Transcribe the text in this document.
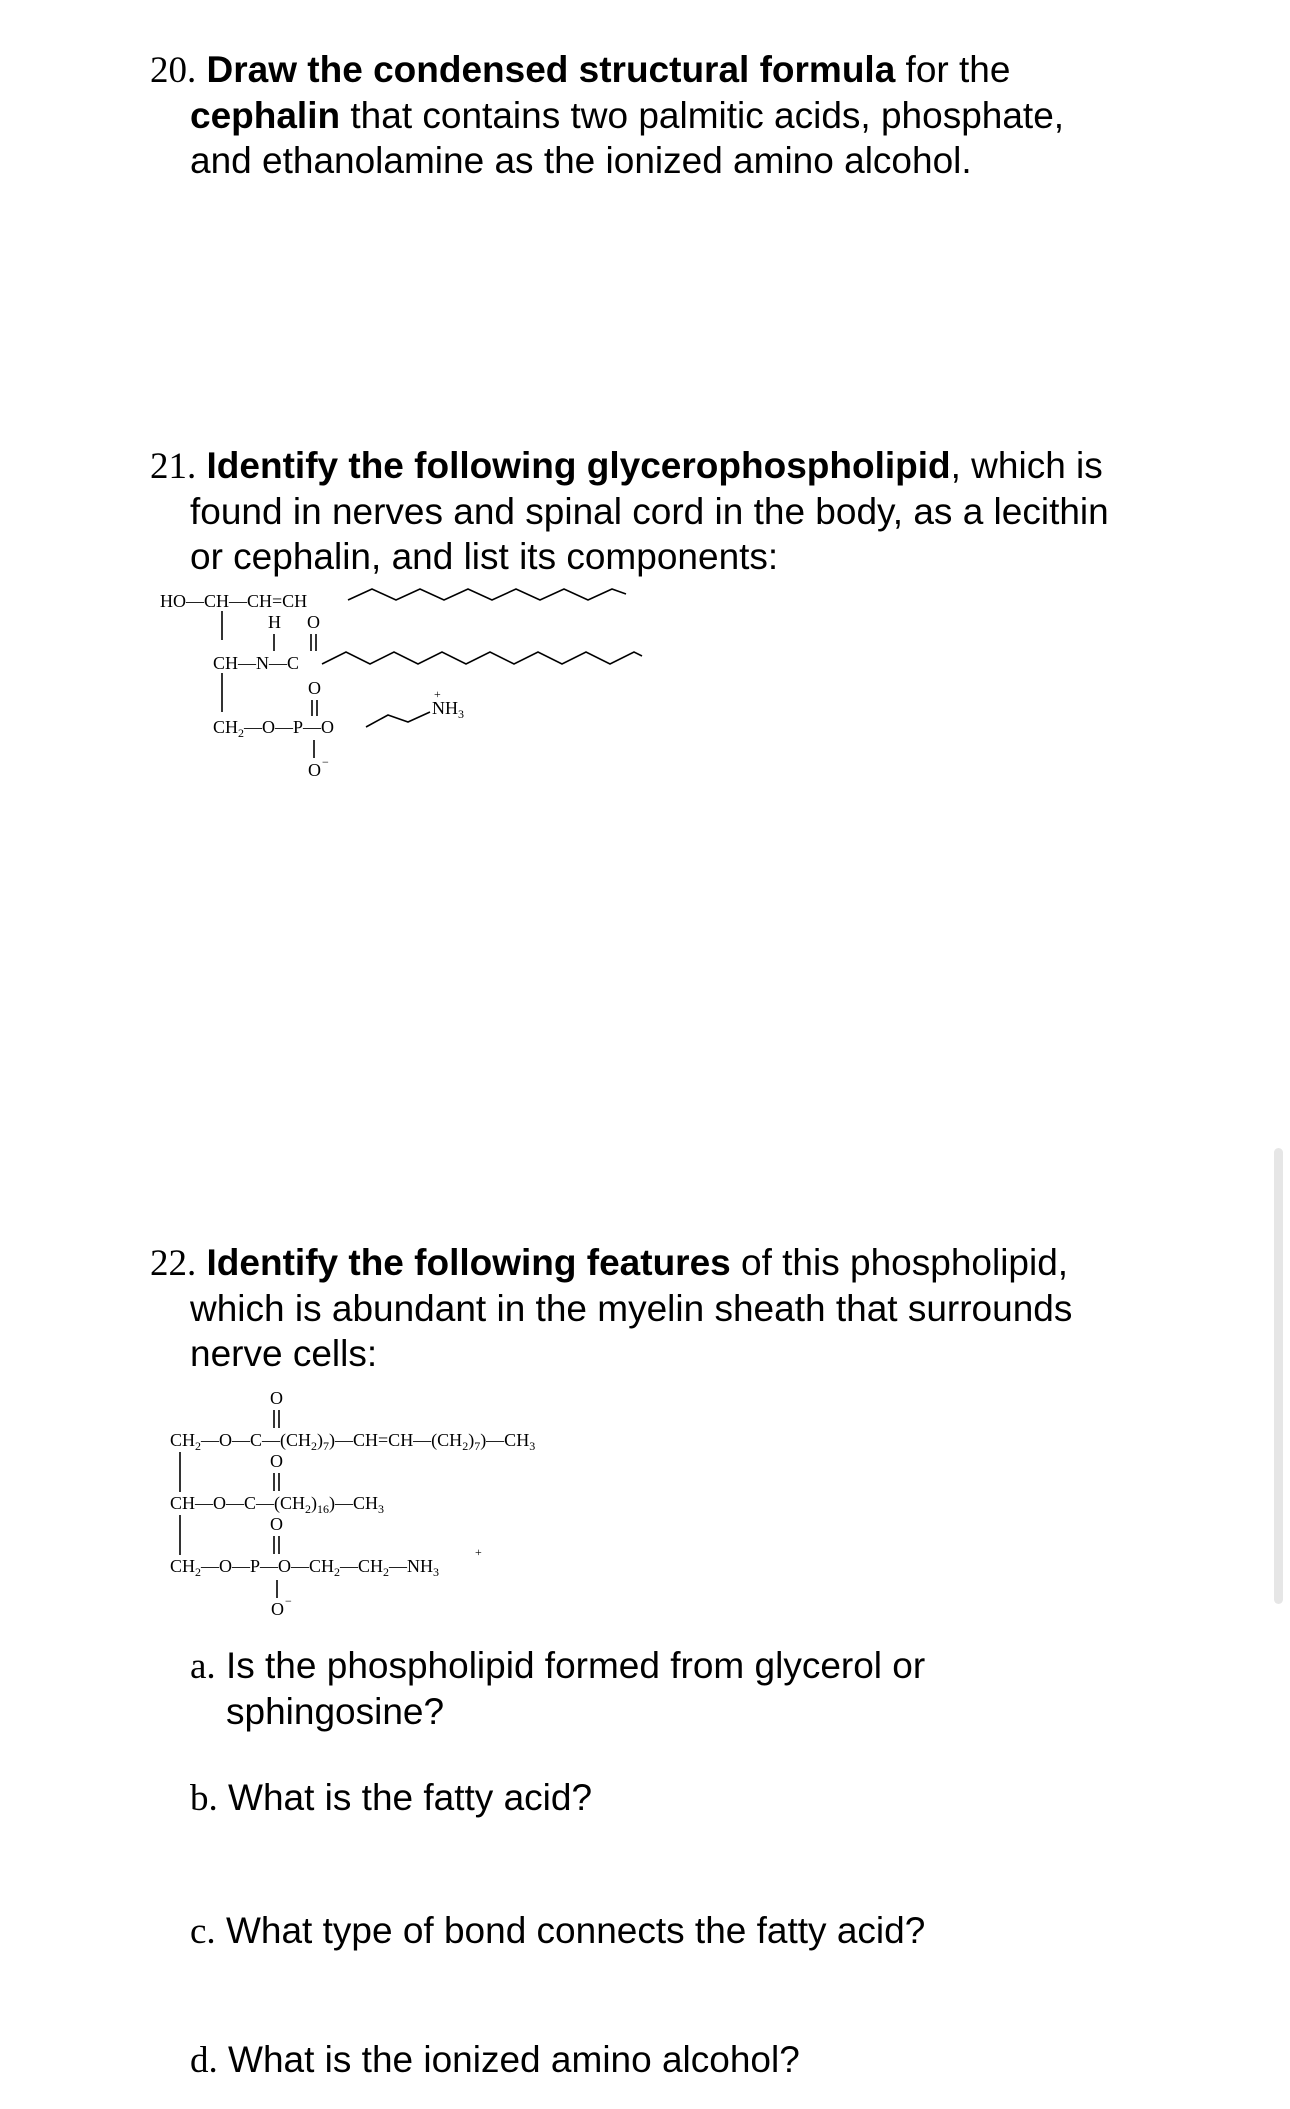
20. Draw the condensed structural formula for the
cephalin that contains two palmitic acids, phosphate,
and ethanolamine as the ionized amino alcohol.
21. Identify the following glycerophospholipid, which is
found in nerves and spinal cord in the body, as a lecithin
or cephalin, and list its components:
HO—CH—CH=CH
H O
CH—N—C
O	+
$NH_3$
$CH_2—O—P—O$
O −
O
$CH_2—O—C—(CH_2)_7)—CH=CH—(CH_2)_7)—CH_3$
O
$CH—O—C—(CH_2)_{16})—CH_3$
O
+
$CH_2—O—P—O—CH_2—CH_2—NH_3$
O −
22. Identify the following features of this phospholipid,
which is abundant in the myelin sheath that surrounds
nerve cells:
a. Is the phospholipid formed from glycerol or
sphingosine?
b. What is the fatty acid?
c. What type of bond connects the fatty acid?
d. What is the ionized amino alcohol?
